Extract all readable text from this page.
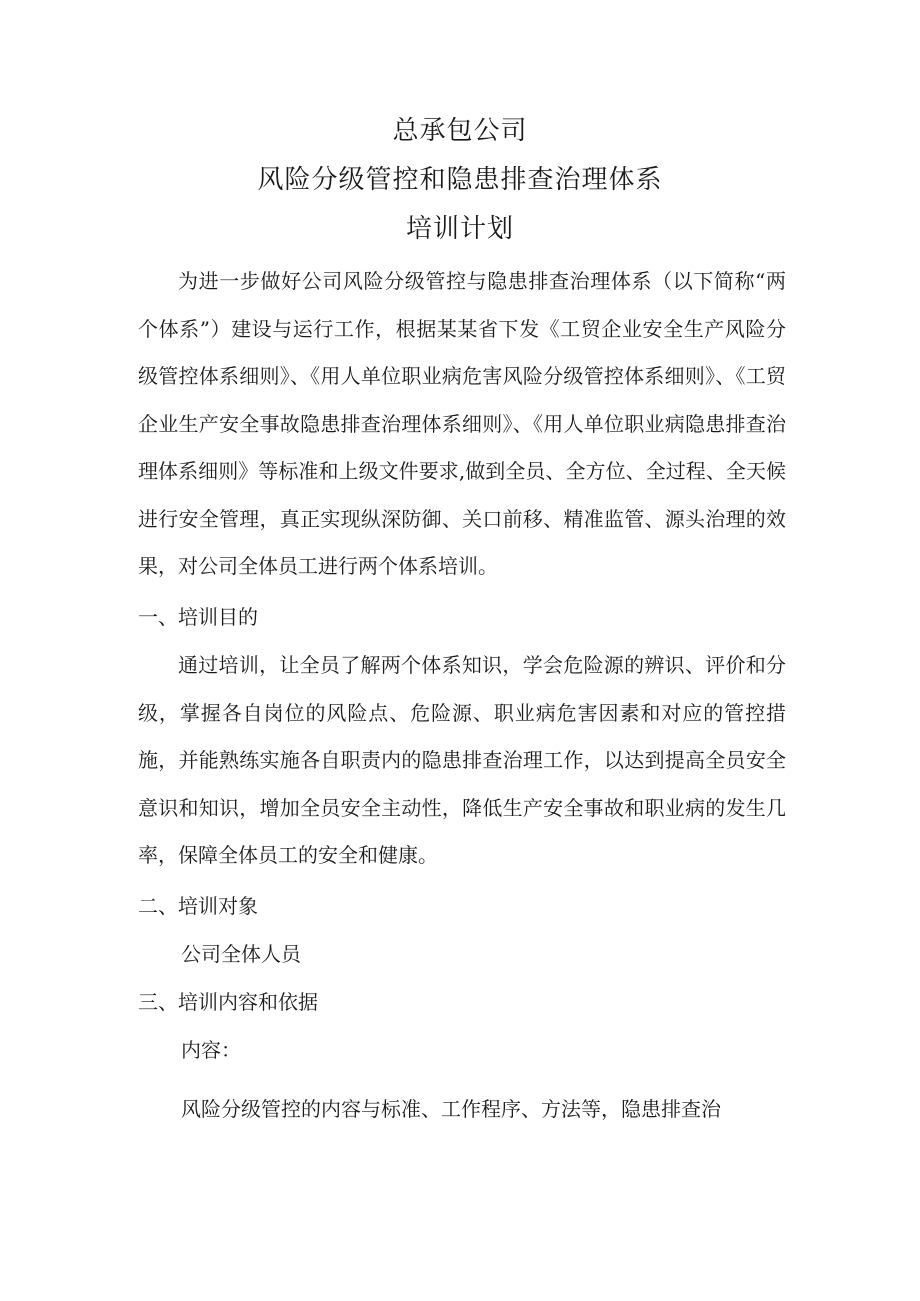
总承包公司
风险分级管控和隐患排查治理体系
培训计划

为进一步做好公司风险分级管控与隐患排查治理体系（以下简称“两个体系”）建设与运行工作，根据某某省下发《工贸企业安全生产风险分级管控体系细则》、《用人单位职业病危害风险分级管控体系细则》、《工贸企业生产安全事故隐患排查治理体系细则》、《用人单位职业病隐患排查治理体系细则》等标准和上级文件要求,做到全员、全方位、全过程、全天候进行安全管理，真正实现纵深防御、关口前移、精准监管、源头治理的效果，对公司全体员工进行两个体系培训。

一、培训目的

通过培训，让全员了解两个体系知识，学会危险源的辨识、评价和分级，掌握各自岗位的风险点、危险源、职业病危害因素和对应的管控措施，并能熟练实施各自职责内的隐患排查治理工作，以达到提高全员安全意识和知识，增加全员安全主动性，降低生产安全事故和职业病的发生几率，保障全体员工的安全和健康。

二、培训对象

公司全体人员

三、培训内容和依据

内容：

风险分级管控的内容与标准、工作程序、方法等，隐患排查治
